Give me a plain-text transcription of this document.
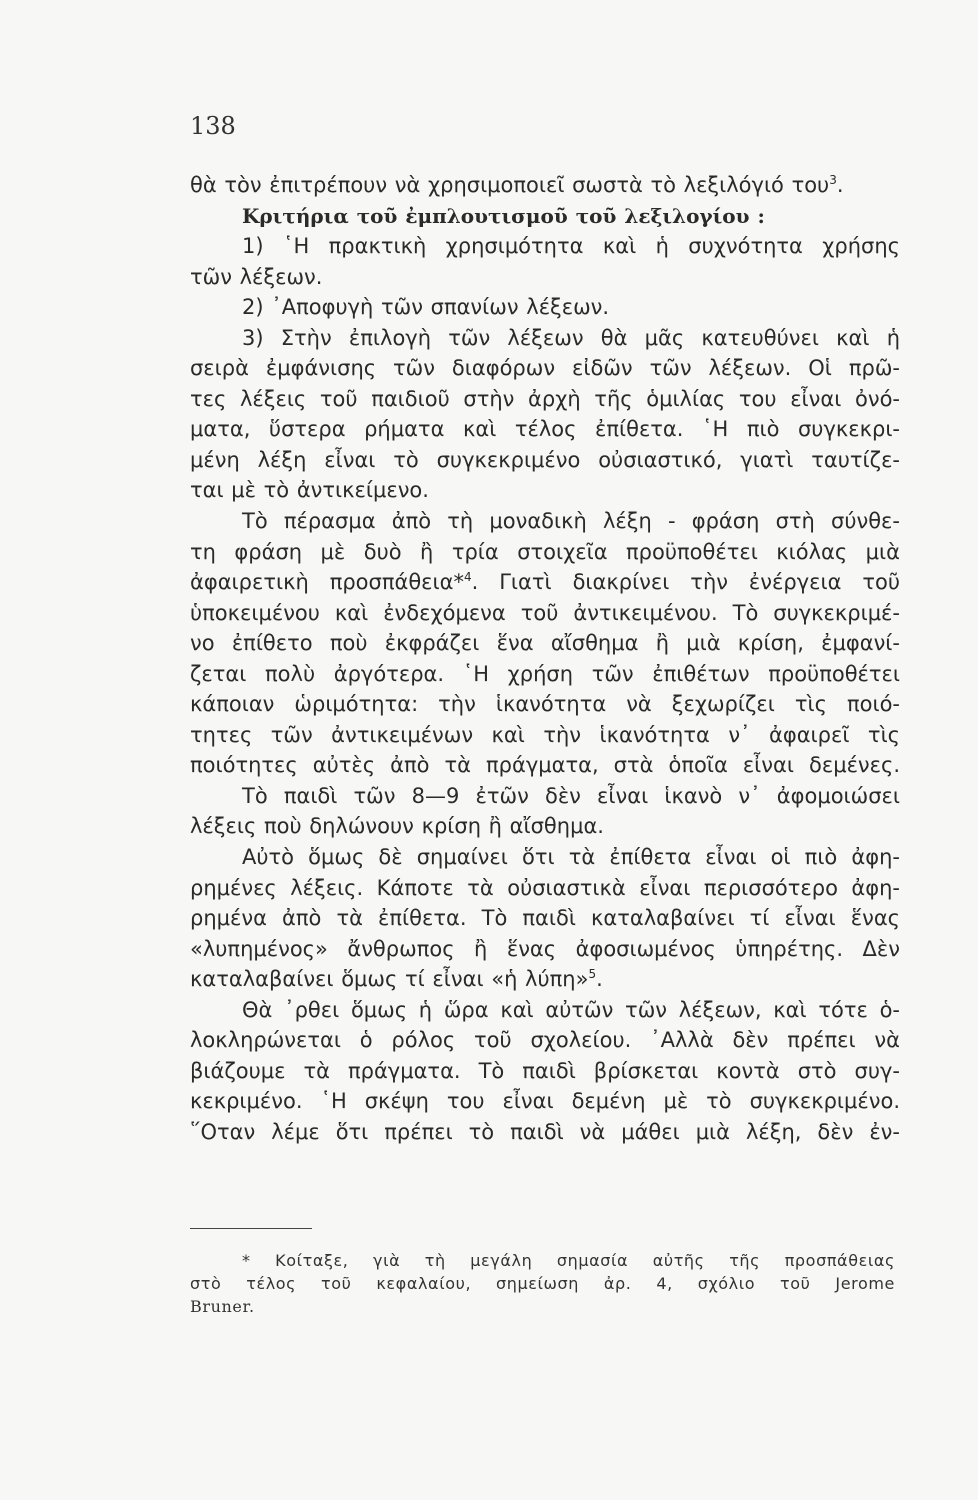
138
θὰ τὸν ἐπιτρέπουν νὰ χρησιμοποιεῖ σωστὰ τὸ λεξιλόγιό του$^3$.
Κριτήρια τοῦ ἐμπλουτισμοῦ τοῦ λεξιλογίου :
1) ῾Η πρακτικὴ χρησιμότητα καὶ ἡ συχνότητα χρήσης
τῶν λέξεων.
2) ᾿Αποφυγὴ τῶν σπανίων λέξεων.
3) Στὴν ἐπιλογὴ τῶν λέξεων θὰ μᾶς κατευθύνει καὶ ἡ
σειρὰ ἐμφάνισης τῶν διαφόρων εἰδῶν τῶν λέξεων. Οἱ πρῶ-
τες λέξεις τοῦ παιδιοῦ στὴν ἀρχὴ τῆς ὁμιλίας του εἶναι ὀνό-
ματα, ὕστερα ρήματα καὶ τέλος ἐπίθετα. ῾Η πιὸ συγκεκρι-
μένη λέξη εἶναι τὸ συγκεκριμένο οὐσιαστικό, γιατὶ ταυτίζε-
ται μὲ τὸ ἀντικείμενο.
Τὸ πέρασμα ἀπὸ τὴ μοναδικὴ λέξη - φράση στὴ σύνθε-
τη φράση μὲ δυὸ ἢ τρία στοιχεῖα προϋποθέτει κιόλας μιὰ
ἀφαιρετικὴ προσπάθεια*$^4$. Γιατὶ διακρίνει τὴν ἐνέργεια τοῦ
ὑποκειμένου καὶ ἐνδεχόμενα τοῦ ἀντικειμένου. Τὸ συγκεκριμέ-
νο ἐπίθετο ποὺ ἐκφράζει ἕνα αἴσθημα ἢ μιὰ κρίση, ἐμφανί-
ζεται πολὺ ἀργότερα. ῾Η χρήση τῶν ἐπιθέτων προϋποθέτει
κάποιαν ὡριμότητα: τὴν ἱκανότητα νὰ ξεχωρίζει τὶς ποιό-
τητες τῶν ἀντικειμένων καὶ τὴν ἱκανότητα ν᾿ ἀφαιρεῖ τὶς
ποιότητες αὐτὲς ἀπὸ τὰ πράγματα, στὰ ὁποῖα εἶναι δεμένες.
Τὸ παιδὶ τῶν 8—9 ἐτῶν δὲν εἶναι ἱκανὸ ν᾿ ἀφομοιώσει
λέξεις ποὺ δηλώνουν κρίση ἢ αἴσθημα.
Αὐτὸ ὅμως δὲ σημαίνει ὅτι τὰ ἐπίθετα εἶναι οἱ πιὸ ἀφη-
ρημένες λέξεις. Κάποτε τὰ οὐσιαστικὰ εἶναι περισσότερο ἀφη-
ρημένα ἀπὸ τὰ ἐπίθετα. Τὸ παιδὶ καταλαβαίνει τί εἶναι ἕνας
«λυπημένος» ἄνθρωπος ἢ ἕνας ἀφοσιωμένος ὑπηρέτης. Δὲν
καταλαβαίνει ὅμως τί εἶναι «ἡ λύπη»$^5$.
Θὰ ᾿ρθει ὅμως ἡ ὥρα καὶ αὐτῶν τῶν λέξεων, καὶ τότε ὁ-
λοκληρώνεται ὁ ρόλος τοῦ σχολείου. ᾿Αλλὰ δὲν πρέπει νὰ
βιάζουμε τὰ πράγματα. Τὸ παιδὶ βρίσκεται κοντὰ στὸ συγ-
κεκριμένο. ῾Η σκέψη του εἶναι δεμένη μὲ τὸ συγκεκριμένο.
῞Οταν λέμε ὅτι πρέπει τὸ παιδὶ νὰ μάθει μιὰ λέξη, δὲν ἐν-
* Κοίταξε, γιὰ τὴ μεγάλη σημασία αὐτῆς τῆς προσπάθειας
στὸ τέλος τοῦ κεφαλαίου, σημείωση ἀρ. 4, σχόλιο τοῦ Jerome
Bruner.
